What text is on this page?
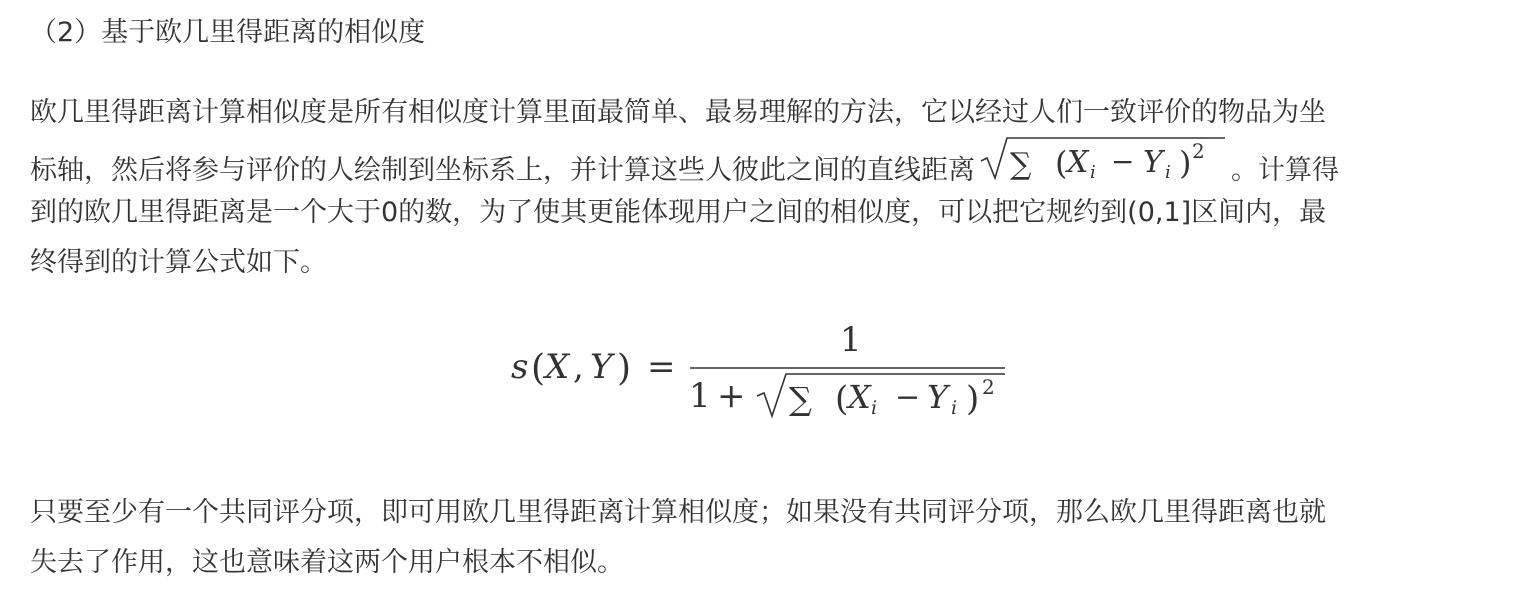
（2）基于欧几里得距离的相似度
欧几里得距离计算相似度是所有相似度计算里面最简单、最易理解的方法，它以经过人们一致评价的物品为坐
标轴，然后将参与评价的人绘制到坐标系上，并计算这些人彼此之间的直线距离 ∑ ( X i − Y i ) 2
。计算得
到的欧几里得距离是一个大于0的数，为了使其更能体现用户之间的相似度，可以把它规约到(0,1]区间内，最
终得到的计算公式如下。
s ( X , Y ) =
1
1 + ∑ ( X i − Y i ) 2
只要至少有一个共同评分项，即可用欧几里得距离计算相似度；如果没有共同评分项，那么欧几里得距离也就
失去了作用，这也意味着这两个用户根本不相似。
